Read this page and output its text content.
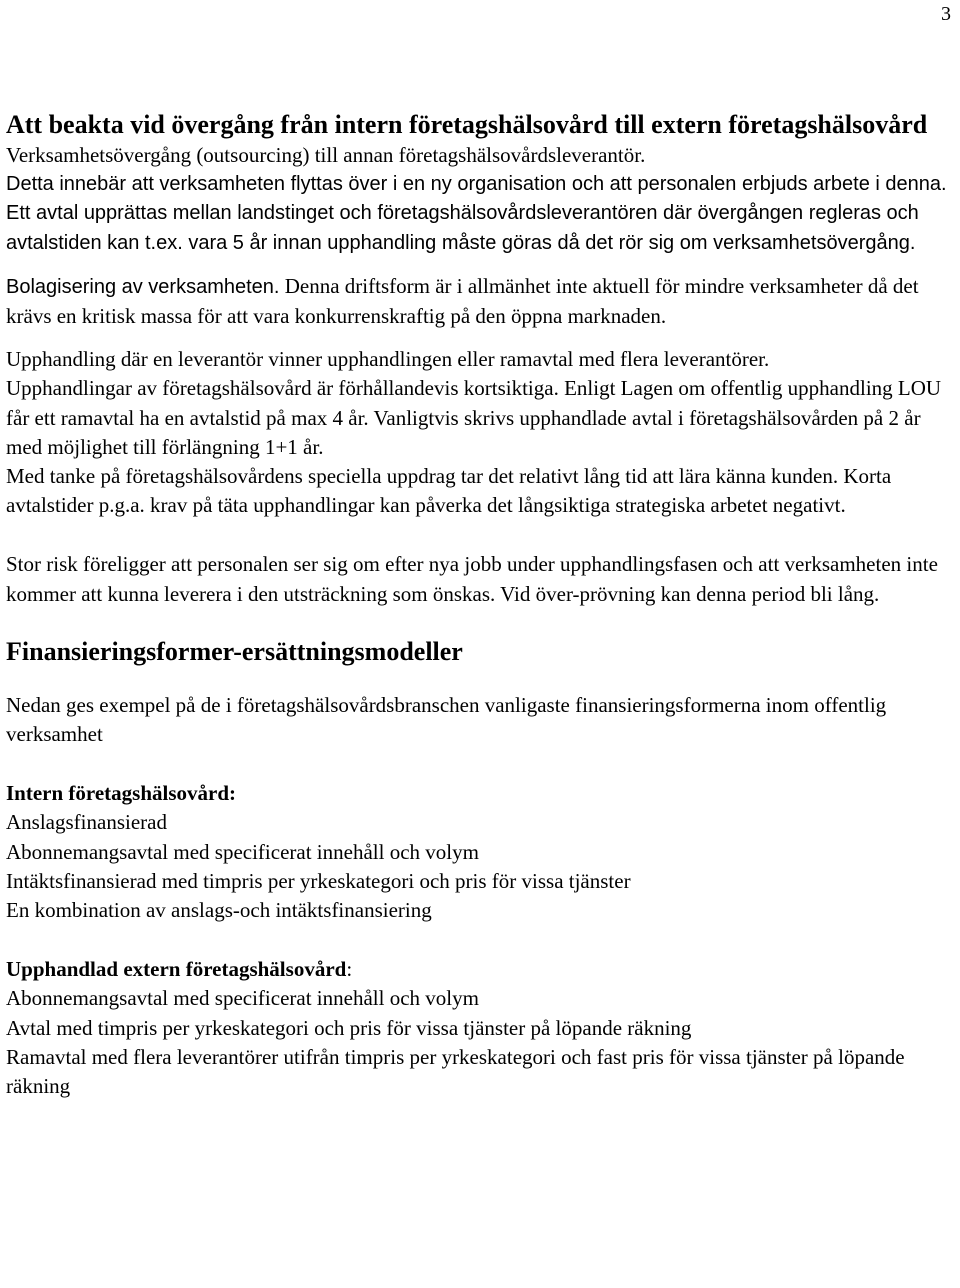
3
Att beakta vid övergång från intern företagshälsovård till extern företagshälsovård

Verksamhetsövergång (outsourcing) till annan företagshälsovårdsleverantör.

Detta innebär att verksamheten flyttas över i en ny organisation och att personalen erbjuds arbete i denna. Ett avtal upprättas mellan landstinget och företagshälsovårdsleverantören där övergången regleras och avtalstiden kan t.ex. vara 5 år innan upphandling måste göras då det rör sig om verksamhetsövergång.

Bolagisering av verksamheten. Denna driftsform är i allmänhet inte aktuell för mindre verksamheter då det krävs en kritisk massa för att vara konkurrenskraftig på den öppna marknaden.

Upphandling där en leverantör vinner upphandlingen eller ramavtal med flera leverantörer.
Upphandlingar av företagshälsovård är förhållandevis kortsiktiga. Enligt Lagen om offentlig upphandling LOU får ett ramavtal ha en avtalstid på max 4 år. Vanligtvis skrivs upphandlade avtal i företagshälsovården på 2 år med möjlighet till förlängning 1+1 år.
Med tanke på företagshälsovårdens speciella uppdrag tar det relativt lång tid att lära känna kunden. Korta avtalstider p.g.a. krav på täta upphandlingar kan påverka det långsiktiga strategiska arbetet negativt.

Stor risk föreligger att personalen ser sig om efter nya jobb under upphandlingsfasen och att verksamheten inte kommer att kunna leverera i den utsträckning som önskas. Vid över-prövning kan denna period bli lång.

Finansieringsformer-ersättningsmodeller

Nedan ges exempel på de i företagshälsovårdsbranschen vanligaste finansieringsformerna inom offentlig verksamhet

Intern företagshälsovård:
Anslagsfinansierad
Abonnemangsavtal med specificerat innehåll och volym
Intäktsfinansierad med timpris per yrkeskategori och pris för vissa tjänster
En kombination av anslags-och intäktsfinansiering
Upphandlad extern företagshälsovård:
Abonnemangsavtal med specificerat innehåll och volym
Avtal med timpris per yrkeskategori och pris för vissa tjänster på löpande räkning
Ramavtal med flera leverantörer utifrån timpris per yrkeskategori och fast pris för vissa tjänster på löpande räkning
